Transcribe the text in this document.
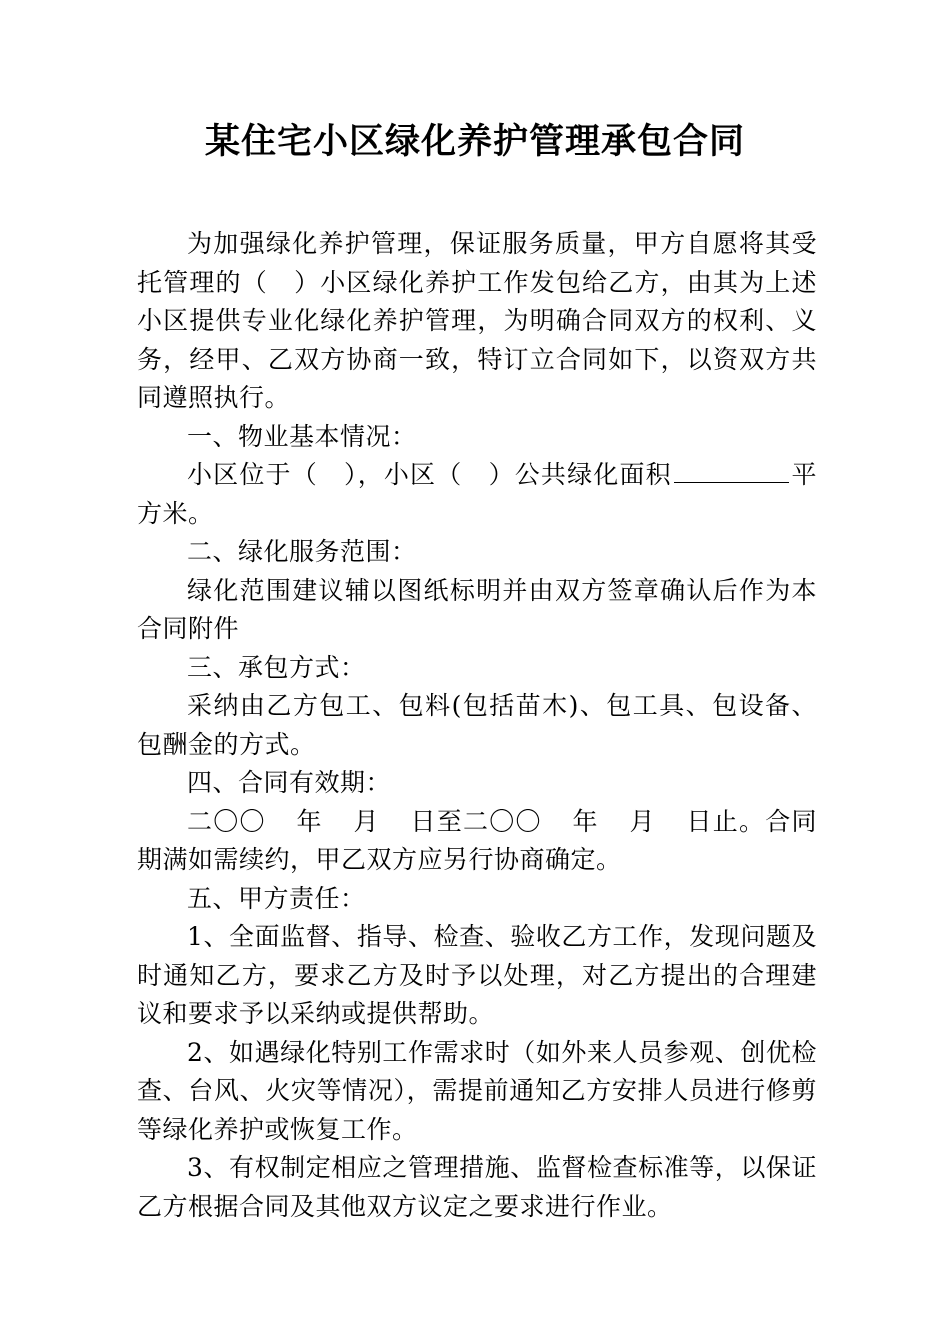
某住宅小区绿化养护管理承包合同

为加强绿化养护管理，保证服务质量，甲方自愿将其受托管理的（　）小区绿化养护工作发包给乙方，由其为上述小区提供专业化绿化养护管理，为明确合同双方的权利、义务，经甲、乙双方协商一致，特订立合同如下，以资双方共同遵照执行。

一、物业基本情况：

小区位于（　），小区（　）公共绿化面积	平方米。

二、绿化服务范围：

绿化范围建议辅以图纸标明并由双方签章确认后作为本合同附件

三、承包方式：

采纳由乙方包工、包料(包括苗木)、包工具、包设备、包酬金的方式。

四、合同有效期：

二〇〇 年 月 日至二〇〇 年 月 日止。合同期满如需续约，甲乙双方应另行协商确定。

五、甲方责任：

1、全面监督、指导、检查、验收乙方工作，发现问题及时通知乙方，要求乙方及时予以处理，对乙方提出的合理建议和要求予以采纳或提供帮助。

2、如遇绿化特别工作需求时（如外来人员参观、创优检查、台风、火灾等情况），需提前通知乙方安排人员进行修剪等绿化养护或恢复工作。

3、有权制定相应之管理措施、监督检查标准等，以保证乙方根据合同及其他双方议定之要求进行作业。
